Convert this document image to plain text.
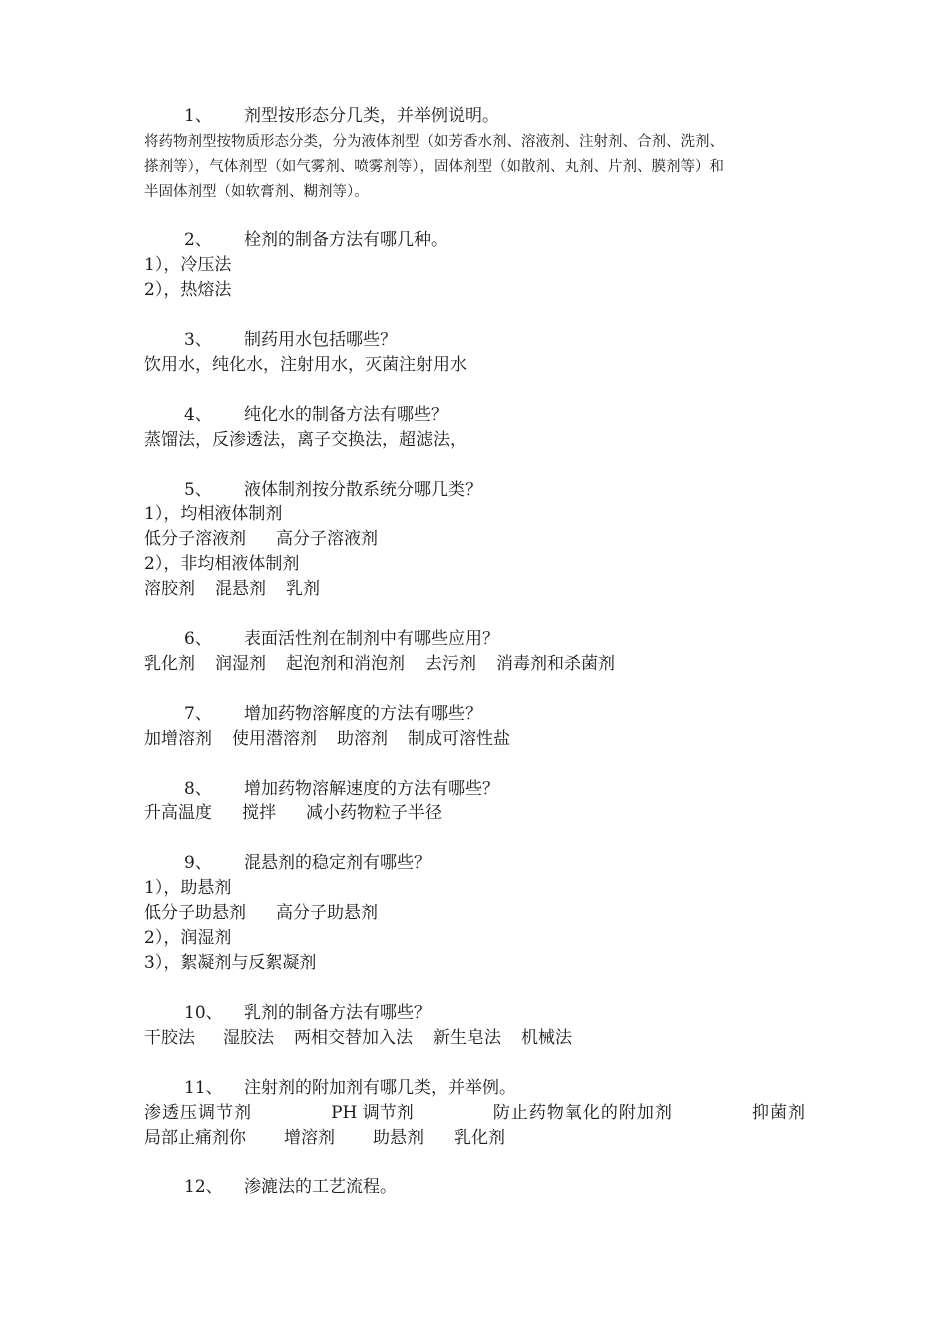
1、 剂型按形态分几类，并举例说明。
将药物剂型按物质形态分类，分为液体剂型（如芳香水剂、溶液剂、注射剂、合剂、洗剂、
搽剂等），气体剂型（如气雾剂、喷雾剂等），固体剂型（如散剂、丸剂、片剂、膜剂等）和
半固体剂型（如软膏剂、糊剂等）。
2、 栓剂的制备方法有哪几种。
1），冷压法
2），热熔法
3、 制药用水包括哪些？
饮用水，纯化水，注射用水，灭菌注射用水
4、 纯化水的制备方法有哪些？
蒸馏法，反渗透法，离子交换法，超滤法，
5、 液体制剂按分散系统分哪几类？
1），均相液体制剂
低分子溶液剂 高分子溶液剂
2），非均相液体制剂
溶胶剂 混悬剂 乳剂
6、 表面活性剂在制剂中有哪些应用？
乳化剂 润湿剂 起泡剂和消泡剂 去污剂 消毒剂和杀菌剂
7、 增加药物溶解度的方法有哪些？
加增溶剂 使用潜溶剂 助溶剂 制成可溶性盐
8、 增加药物溶解速度的方法有哪些？
升高温度 搅拌 减小药物粒子半径
9、 混悬剂的稳定剂有哪些？
1），助悬剂
低分子助悬剂 高分子助悬剂
2），润湿剂
3），絮凝剂与反絮凝剂
10、 乳剂的制备方法有哪些？
干胶法 湿胶法 两相交替加入法 新生皂法 机械法
11、 注射剂的附加剂有哪几类，并举例。
渗透压调节剂	PH 调节剂	防止药物氧化的附加剂	抑菌剂
局部止痛剂你 增溶剂 助悬剂 乳化剂
12、 渗漉法的工艺流程。
